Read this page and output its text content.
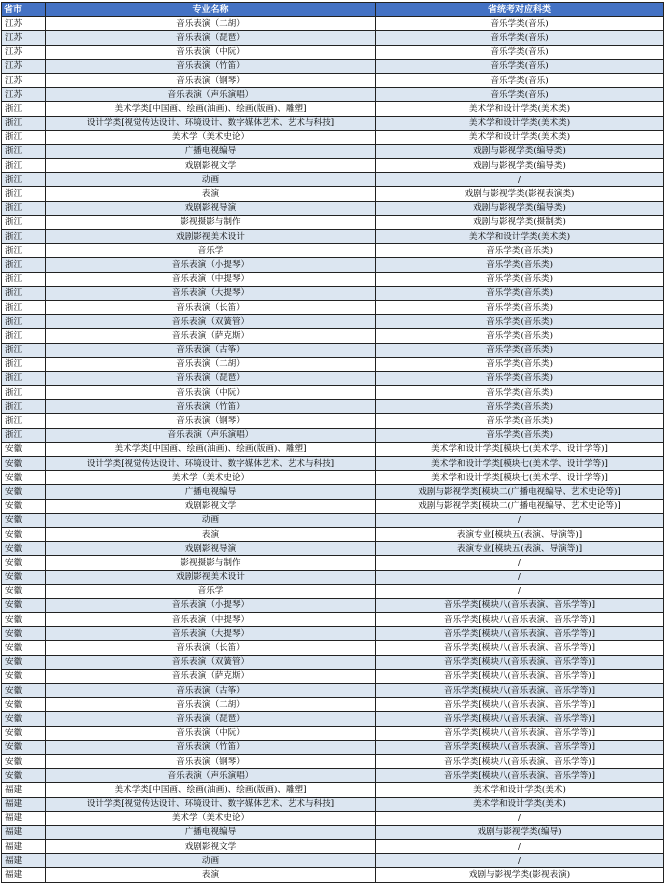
省市	专业名称	省统考对应科类
江苏	音乐表演（二胡）	音乐学类(音乐)
江苏	音乐表演（琵琶）	音乐学类(音乐)
江苏	音乐表演（中阮）	音乐学类(音乐)
江苏	音乐表演（竹笛）	音乐学类(音乐)
江苏	音乐表演（钢琴）	音乐学类(音乐)
江苏	音乐表演（声乐演唱）	音乐学类(音乐)
浙江	美术学类[中国画、绘画(油画)、绘画(版画)、雕塑]	美术学和设计学类(美术类)
浙江	设计学类[视觉传达设计、环境设计、数字媒体艺术、艺术与科技]	美术学和设计学类(美术类)
浙江	美术学（美术史论）	美术学和设计学类(美术类)
浙江	广播电视编导	戏剧与影视学类(编导类)
浙江	戏剧影视文学	戏剧与影视学类(编导类)
浙江	动画	/
浙江	表演	戏剧与影视学类(影视表演类)
浙江	戏剧影视导演	戏剧与影视学类(编导类)
浙江	影视摄影与制作	戏剧与影视学类(摄制类)
浙江	戏剧影视美术设计	美术学和设计学类(美术类)
浙江	音乐学	音乐学类(音乐类)
浙江	音乐表演（小提琴）	音乐学类(音乐类)
浙江	音乐表演（中提琴）	音乐学类(音乐类)
浙江	音乐表演（大提琴）	音乐学类(音乐类)
浙江	音乐表演（长笛）	音乐学类(音乐类)
浙江	音乐表演（双簧管）	音乐学类(音乐类)
浙江	音乐表演（萨克斯）	音乐学类(音乐类)
浙江	音乐表演（古筝）	音乐学类(音乐类)
浙江	音乐表演（二胡）	音乐学类(音乐类)
浙江	音乐表演（琵琶）	音乐学类(音乐类)
浙江	音乐表演（中阮）	音乐学类(音乐类)
浙江	音乐表演（竹笛）	音乐学类(音乐类)
浙江	音乐表演（钢琴）	音乐学类(音乐类)
浙江	音乐表演（声乐演唱）	音乐学类(音乐类)
安徽	美术学类[中国画、绘画(油画)、绘画(版画)、雕塑]	美术学和设计学类[模块七(美术学、设计学等)]
安徽	设计学类[视觉传达设计、环境设计、数字媒体艺术、艺术与科技]	美术学和设计学类[模块七(美术学、设计学等)]
安徽	美术学（美术史论）	美术学和设计学类[模块七(美术学、设计学等)]
安徽	广播电视编导	戏剧与影视学类[模块二(广播电视编导、艺术史论等)]
安徽	戏剧影视文学	戏剧与影视学类[模块二(广播电视编导、艺术史论等)]
安徽	动画	/
安徽	表演	表演专业[模块五(表演、导演等)]
安徽	戏剧影视导演	表演专业[模块五(表演、导演等)]
安徽	影视摄影与制作	/
安徽	戏剧影视美术设计	/
安徽	音乐学	/
安徽	音乐表演（小提琴）	音乐学类[模块八(音乐表演、音乐学等)]
安徽	音乐表演（中提琴）	音乐学类[模块八(音乐表演、音乐学等)]
安徽	音乐表演（大提琴）	音乐学类[模块八(音乐表演、音乐学等)]
安徽	音乐表演（长笛）	音乐学类[模块八(音乐表演、音乐学等)]
安徽	音乐表演（双簧管）	音乐学类[模块八(音乐表演、音乐学等)]
安徽	音乐表演（萨克斯）	音乐学类[模块八(音乐表演、音乐学等)]
安徽	音乐表演（古筝）	音乐学类[模块八(音乐表演、音乐学等)]
安徽	音乐表演（二胡）	音乐学类[模块八(音乐表演、音乐学等)]
安徽	音乐表演（琵琶）	音乐学类[模块八(音乐表演、音乐学等)]
安徽	音乐表演（中阮）	音乐学类[模块八(音乐表演、音乐学等)]
安徽	音乐表演（竹笛）	音乐学类[模块八(音乐表演、音乐学等)]
安徽	音乐表演（钢琴）	音乐学类[模块八(音乐表演、音乐学等)]
安徽	音乐表演（声乐演唱）	音乐学类[模块八(音乐表演、音乐学等)]
福建	美术学类[中国画、绘画(油画)、绘画(版画)、雕塑]	美术学和设计学类(美术)
福建	设计学类[视觉传达设计、环境设计、数字媒体艺术、艺术与科技]	美术学和设计学类(美术)
福建	美术学（美术史论）	/
福建	广播电视编导	戏剧与影视学类(编导)
福建	戏剧影视文学	/
福建	动画	/
福建	表演	戏剧与影视学类(影视表演)
